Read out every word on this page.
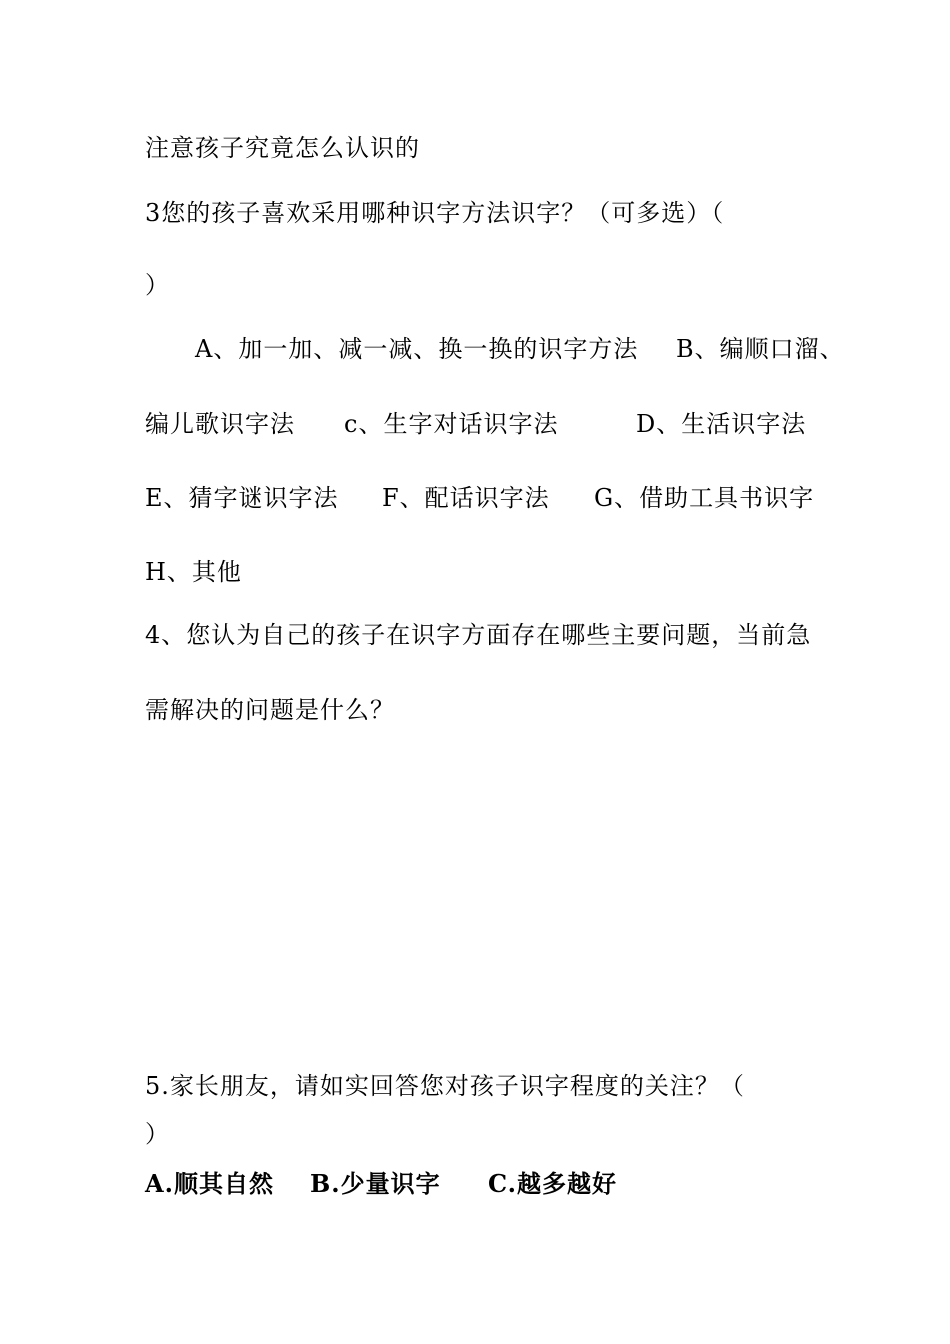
注意孩子究竟怎么认识的
3您的孩子喜欢采用哪种识字方法识字？（可多选）（
）
A、加一加、减一减、换一换的识字方法 B、编顺口溜、
编儿歌识字法 c、生字对话识字法	D、生活识字法
E、猜字谜识字法 F、配话识字法 G、借助工具书识字
H、其他
4、您认为自己的孩子在识字方面存在哪些主要问题，当前急
需解决的问题是什么？
5.家长朋友，请如实回答您对孩子识字程度的关注？（
）
A.顺其自然 B.少量识字 C.越多越好
